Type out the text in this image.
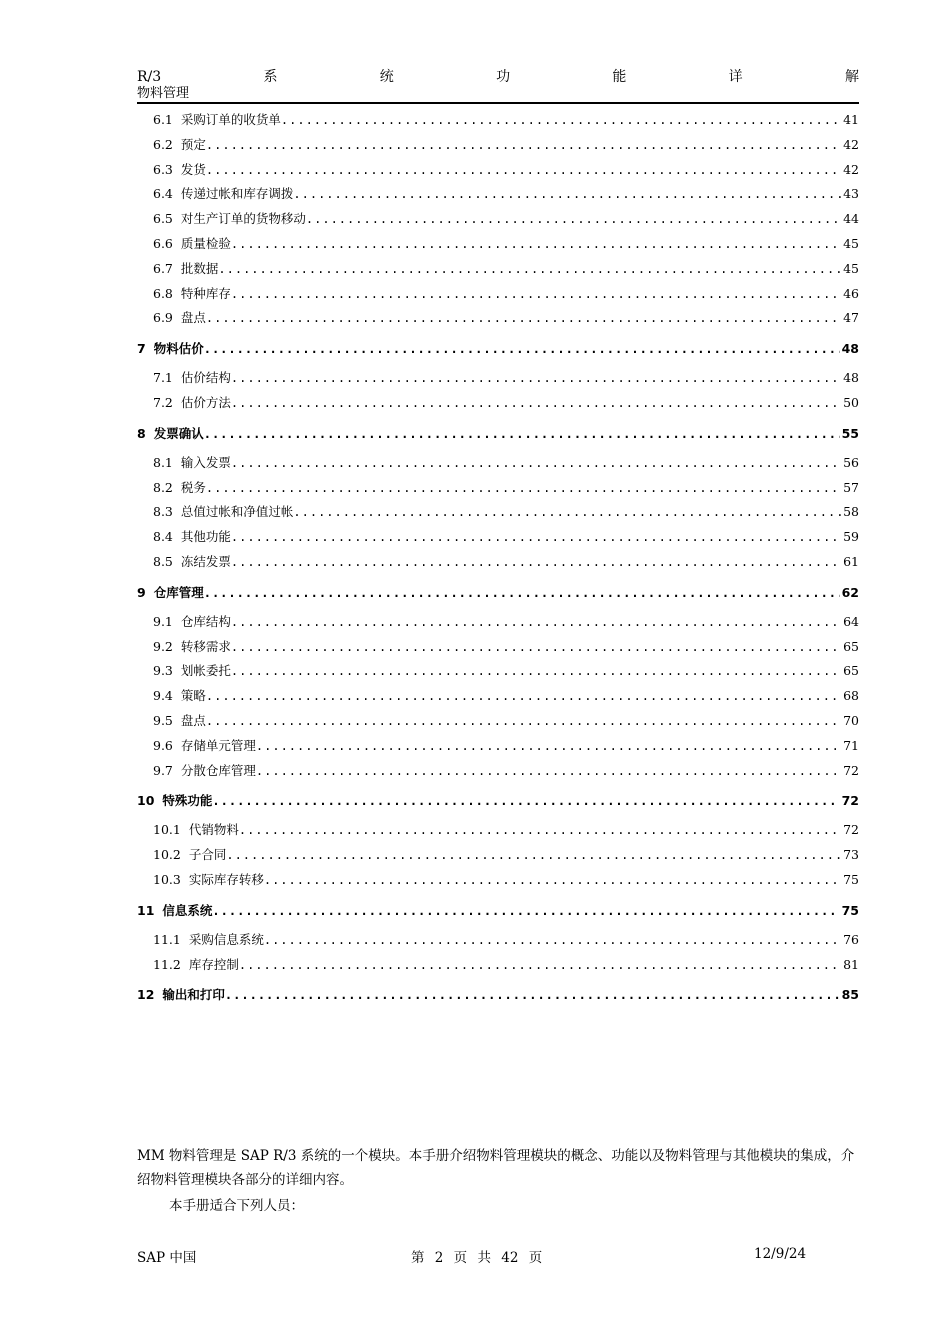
R/3	系	统	功	能	详	解
物料管理
6.1 采购订单的收货单 .....	41
6.2 预定 .....	42
6.3 发货 .....	42
6.4 传递过帐和库存调拨 .....	43
6.5 对生产订单的货物移动 .....	44
6.6 质量检验 .....	45
6.7 批数据 .....	45
6.8 特种库存 .....	46
6.9 盘点 .....	47
7 物料估价 .....	48
7.1 估价结构 .....	48
7.2 估价方法 .....	50
8 发票确认 .....	55
8.1 输入发票 .....	56
8.2 税务 .....	57
8.3 总值过帐和净值过帐 .....	58
8.4 其他功能 .....	59
8.5 冻结发票 .....	61
9 仓库管理 .....	62
9.1 仓库结构 .....	64
9.2 转移需求 .....	65
9.3 划帐委托 .....	65
9.4 策略 .....	68
9.5 盘点 .....	70
9.6 存储单元管理 .....	71
9.7 分散仓库管理 .....	72
10 特殊功能 .....	72
10.1 代销物料 .....	72
10.2 子合同 .....	73
10.3 实际库存转移 .....	75
11 信息系统 .....	75
11.1 采购信息系统 .....	76
11.2 库存控制 .....	81
12 输出和打印 .....	85
MM 物料管理是 SAP R/3 系统的一个模块。本手册介绍物料管理模块的概念、功能以及物料管理与其他模块的集成，介绍物料管理模块各部分的详细内容。
本手册适合下列人员：
SAP 中国	第 2 页 共 42 页	12/9/24
